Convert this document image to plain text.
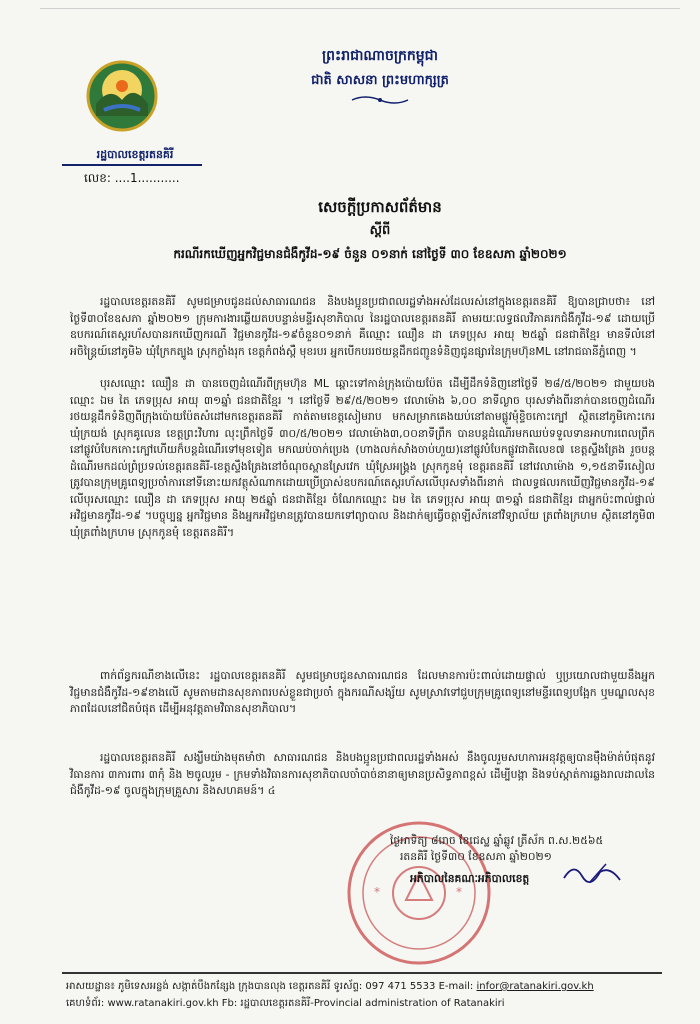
រដ្ឋបាលខេត្តរតនគិរី
លេខ: ....1...........
ព្រះរាជាណាចក្រកម្ពុជា
ជាតិ សាសនា ព្រះមហាក្សត្រ
សេចក្ដីប្រកាសព័ត៌មាន
ស្ដីពី
ករណីរកឃើញអ្នកវិជ្ជមានជំងឺកូវីដ-១៩ ចំនួន ០១នាក់ នៅថ្ងៃទី ៣០ ខែឧសភា ឆ្នាំ២០២១

រដ្ឋបាលខេត្តរតនគិរី សូមជម្រាបជូនដល់សាធារណជន និងបងប្អូនប្រជាពលរដ្ឋទាំងអស់ដែលរស់នៅក្នុងខេត្តរតនគិរី ឱ្យបានជ្រាបថា៖ នៅថ្ងៃទី៣០ខែឧសភា ឆ្នាំ២០២១ ក្រុមការងារឆ្លើយតបបន្ទាន់មន្ទីរសុខាភិបាល នៃរដ្ឋបាលខេត្តរតនគិរី តាមរយៈលទ្ធផលវិភាគរកជំងឺកូវីដ-១៩ ដោយប្រើឧបករណ៍តេស្តរហ័សបានរកឃើញករណី វិជ្ជមានកូវីដ-១៩ចំនួន០១នាក់ គឺឈ្មោះ ឈឿន ដា ភេទប្រុស អាយុ ២៥ឆ្នាំ ជនជាតិខ្មែរ មានទីលំនៅអចិន្ត្រៃយ៍នៅភូមិ៦ ឃុំក្រែកត្បូង ស្រុកក្លាំងរុក ខេត្តកំពង់ស្ពឺ មុខរបរ អ្នកបើកបររថយន្តដឹកជញ្ជូនទំនិញជូនផ្សារនៃក្រុមហ៊ុនML នៅរាជធានីភ្នំពេញ ។

បុរសឈ្មោះ ឈឿន ដា បានចេញដំណើរពីក្រុមហ៊ុន ML ឆ្ពោះទៅកាន់ក្រុងប៉ោយប៉ែត ដើម្បីដឹកទំនិញនៅថ្ងៃទី ២៨/៥/២០២១ ជាមួយបងឈ្មោះ ឯម តៃ ភេទប្រុស អាយុ ៣១ឆ្នាំ ជនជាតិខ្មែរ ។ នៅថ្ងៃទី ២៩/៥/២០២១ វេលាម៉ោង ៦,០០ នាទីល្ងាច បុរសទាំងពីរនាក់បានចេញដំណើររថយន្តដឹកទំនិញពីក្រុងប៉ោយប៉ែតសំដៅមកខេត្តរតនគិរី កាត់តាមខេត្តសៀមរាប មកសម្រាកគេងយប់នៅតាមផ្លូវមុំខ្ទិចកោះក្បៅ ស្ថិតនៅភូមិកោះកេរ ឃុំក្រយង់ ស្រុកគូលេន ខេត្តព្រះវិហារ លុះព្រឹកថ្ងៃទី ៣០/៥/២០២១ វេលាម៉ោង៣,០០នាទីព្រឹក បានបន្តដំណើរមកឈប់ទទួលទានអាហារពេលព្រឹកនៅផ្លូវបំបែកកោះក្បៅហើយក៏បន្តដំណើរទៅមុខទៀត មកឈប់ចាក់ប្រេង (ហាងលក់សាំងចាប់ហួយ)នៅផ្លូវបំបែកផ្លូវជាតិលេខ៧ ខេត្តស្ទឹងត្រែង រួចបន្តដំណើរមកដល់ព្រំប្រទល់ខេត្តរតនគិរី-ខេត្តស្ទឹងត្រែងនៅចំណុចស្ពានស្រែវេក ឃុំស្រែអង្គ្រង ស្រុកកូនមុំ ខេត្តរតនគិរី នៅវេលាម៉ោង ១,១៥នាទីរសៀល ត្រូវបានក្រុមគ្រូពេទ្យប្រចាំការនៅទីនោះយកវត្ថុសំណាកដោយប្រើប្រាស់ឧបករណ៍តេស្តរហ័សលើបុរសទាំងពីរនាក់ ជាលទ្ធផលរកឃើញវិជ្ជមានកូវីដ-១៩ លើបុរសឈ្មោះ ឈឿន ដា ភេទប្រុស អាយុ ២៥ឆ្នាំ ជនជាតិខ្មែរ ចំណែកឈ្មោះ ឯម តៃ ភេទប្រុស អាយុ ៣១ឆ្នាំ ជនជាតិខ្មែរ ជាអ្នកប៉ះពាល់ផ្ទាល់ អវិជ្ជមានកូវីដ-១៩ ។បច្ចុប្បន្ន អ្នកវិជ្ជមាន និងអ្នកអវិជ្ជមានត្រូវបានយកទៅព្យាបាល និងដាក់ឲ្យធ្វើចត្តាឡីស័កនៅវិទ្យាល័យ ត្រពាំងក្រហម ស្ថិតនៅភូមិ៣ ឃុំត្រពាំងក្រហម ស្រុកកូនមុំ ខេត្តរតនគិរី។

ពាក់ព័ន្ធករណីខាងលើនេះ រដ្ឋបាលខេត្តរតនគិរី សូមជម្រាបជូនសាធារណជន ដែលមានការប៉ះពាល់ដោយផ្ទាល់ ឬប្រយោលជាមួយនឹងអ្នកវិជ្ជមានជំងឺកូវីដ-១៩ខាងលើ សូមតាមដានសុខភាពរបស់ខ្លួនជាប្រចាំ ក្នុងករណីសង្ស័យ សូមស្រាវទៅជួបក្រុមគ្រូពេទ្យនៅមន្ទីរពេទ្យបង្អែក ឬមណ្ឌលសុខភាពដែលនៅជិតបំផុត ដើម្បីអនុវត្តតាមវិធានសុខាភិបាល។

រដ្ឋបាលខេត្តរតនគិរី សង្ឃឹមយ៉ាងមុតមាំថា សាធារណជន និងបងប្អូនប្រជាពលរដ្ឋទាំងអស់ នឹងចូលរួមសហការអនុវត្តឲ្យបានម៉ឺងម៉ាត់បំផុតនូវវិធានការ ៣ការពារ ៣កុំ និង ២ចូលរួម - ក្រមទាំងវិធានការសុខាភិបាលចាំបាច់នានាឲ្យមានប្រសិទ្ធភាពខ្ពស់ ដើម្បីបង្កា និងទប់ស្កាត់ការឆ្លងរាលដាលនៃជំងឺកូវីដ-១៩ ចូលក្នុងក្រុមគ្រួសារ និងសហគមន៍។ ៤

*	*
ថ្ងៃអាទិត្យ ៨រោច ខែជេស្ឋ ឆ្នាំឆ្លូវ ត្រីស័ក ព.ស.២៥៦៥
រតនគិរី ថ្ងៃទី៣០ ខែឧសភា ឆ្នាំ២០២១
អភិបាលនៃគណៈអភិបាលខេត្ត
អាសយដ្ឋាន៖ ភូមិទេសអន្លង់ សង្កាត់បឹងកន្សែង ក្រុងបានលុង ខេត្តរតនគិរី ទូរស័ព្ទ: 097 471 5533 E-mail: infor@ratanakiri.gov.kh
គេហទំព័រ: www.ratanakiri.gov.kh Fb: រដ្ឋបាលខេត្តរតនគិរី-Provincial administration of Ratanakiri
